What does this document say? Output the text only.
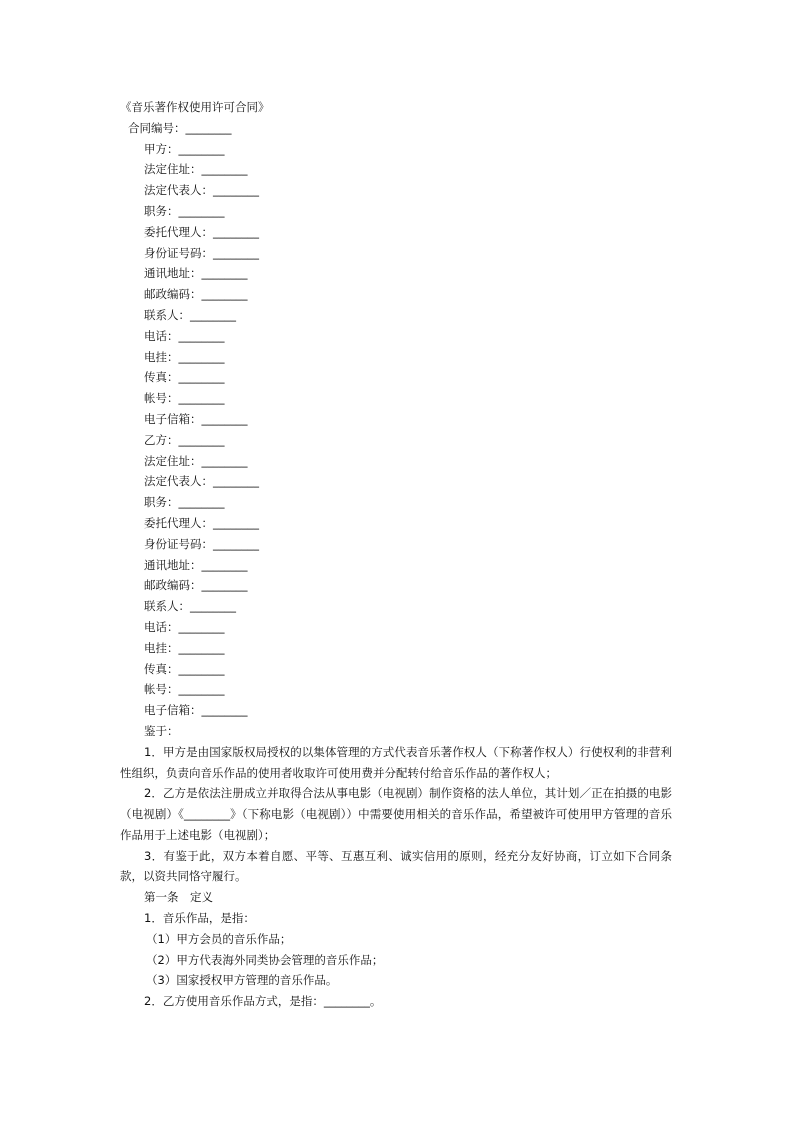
《音乐著作权使用许可合同》
合同编号：________
甲方：________
法定住址：________
法定代表人：________
职务：________
委托代理人：________
身份证号码：________
通讯地址：________
邮政编码：________
联系人：________
电话：________
电挂：________
传真：________
帐号：________
电子信箱：________
乙方：________
法定住址：________
法定代表人：________
职务：________
委托代理人：________
身份证号码：________
通讯地址：________
邮政编码：________
联系人：________
电话：________
电挂：________
传真：________
帐号：________
电子信箱：________
鉴于：
1．甲方是由国家版权局授权的以集体管理的方式代表音乐著作权人（下称著作权人）行使权利的非营利性组织，负责向音乐作品的使用者收取许可使用费并分配转付给音乐作品的著作权人；
2．乙方是依法注册成立并取得合法从事电影（电视剧）制作资格的法人单位，其计划／正在拍摄的电影（电视剧）《________》（下称电影（电视剧））中需要使用相关的音乐作品，希望被许可使用甲方管理的音乐作品用于上述电影（电视剧）；
3．有鉴于此，双方本着自愿、平等、互惠互利、诚实信用的原则，经充分友好协商，订立如下合同条款，以资共同恪守履行。
第一条　定义
1．音乐作品，是指：
（1）甲方会员的音乐作品；
（2）甲方代表海外同类协会管理的音乐作品；
（3）国家授权甲方管理的音乐作品。
2．乙方使用音乐作品方式，是指：________。
